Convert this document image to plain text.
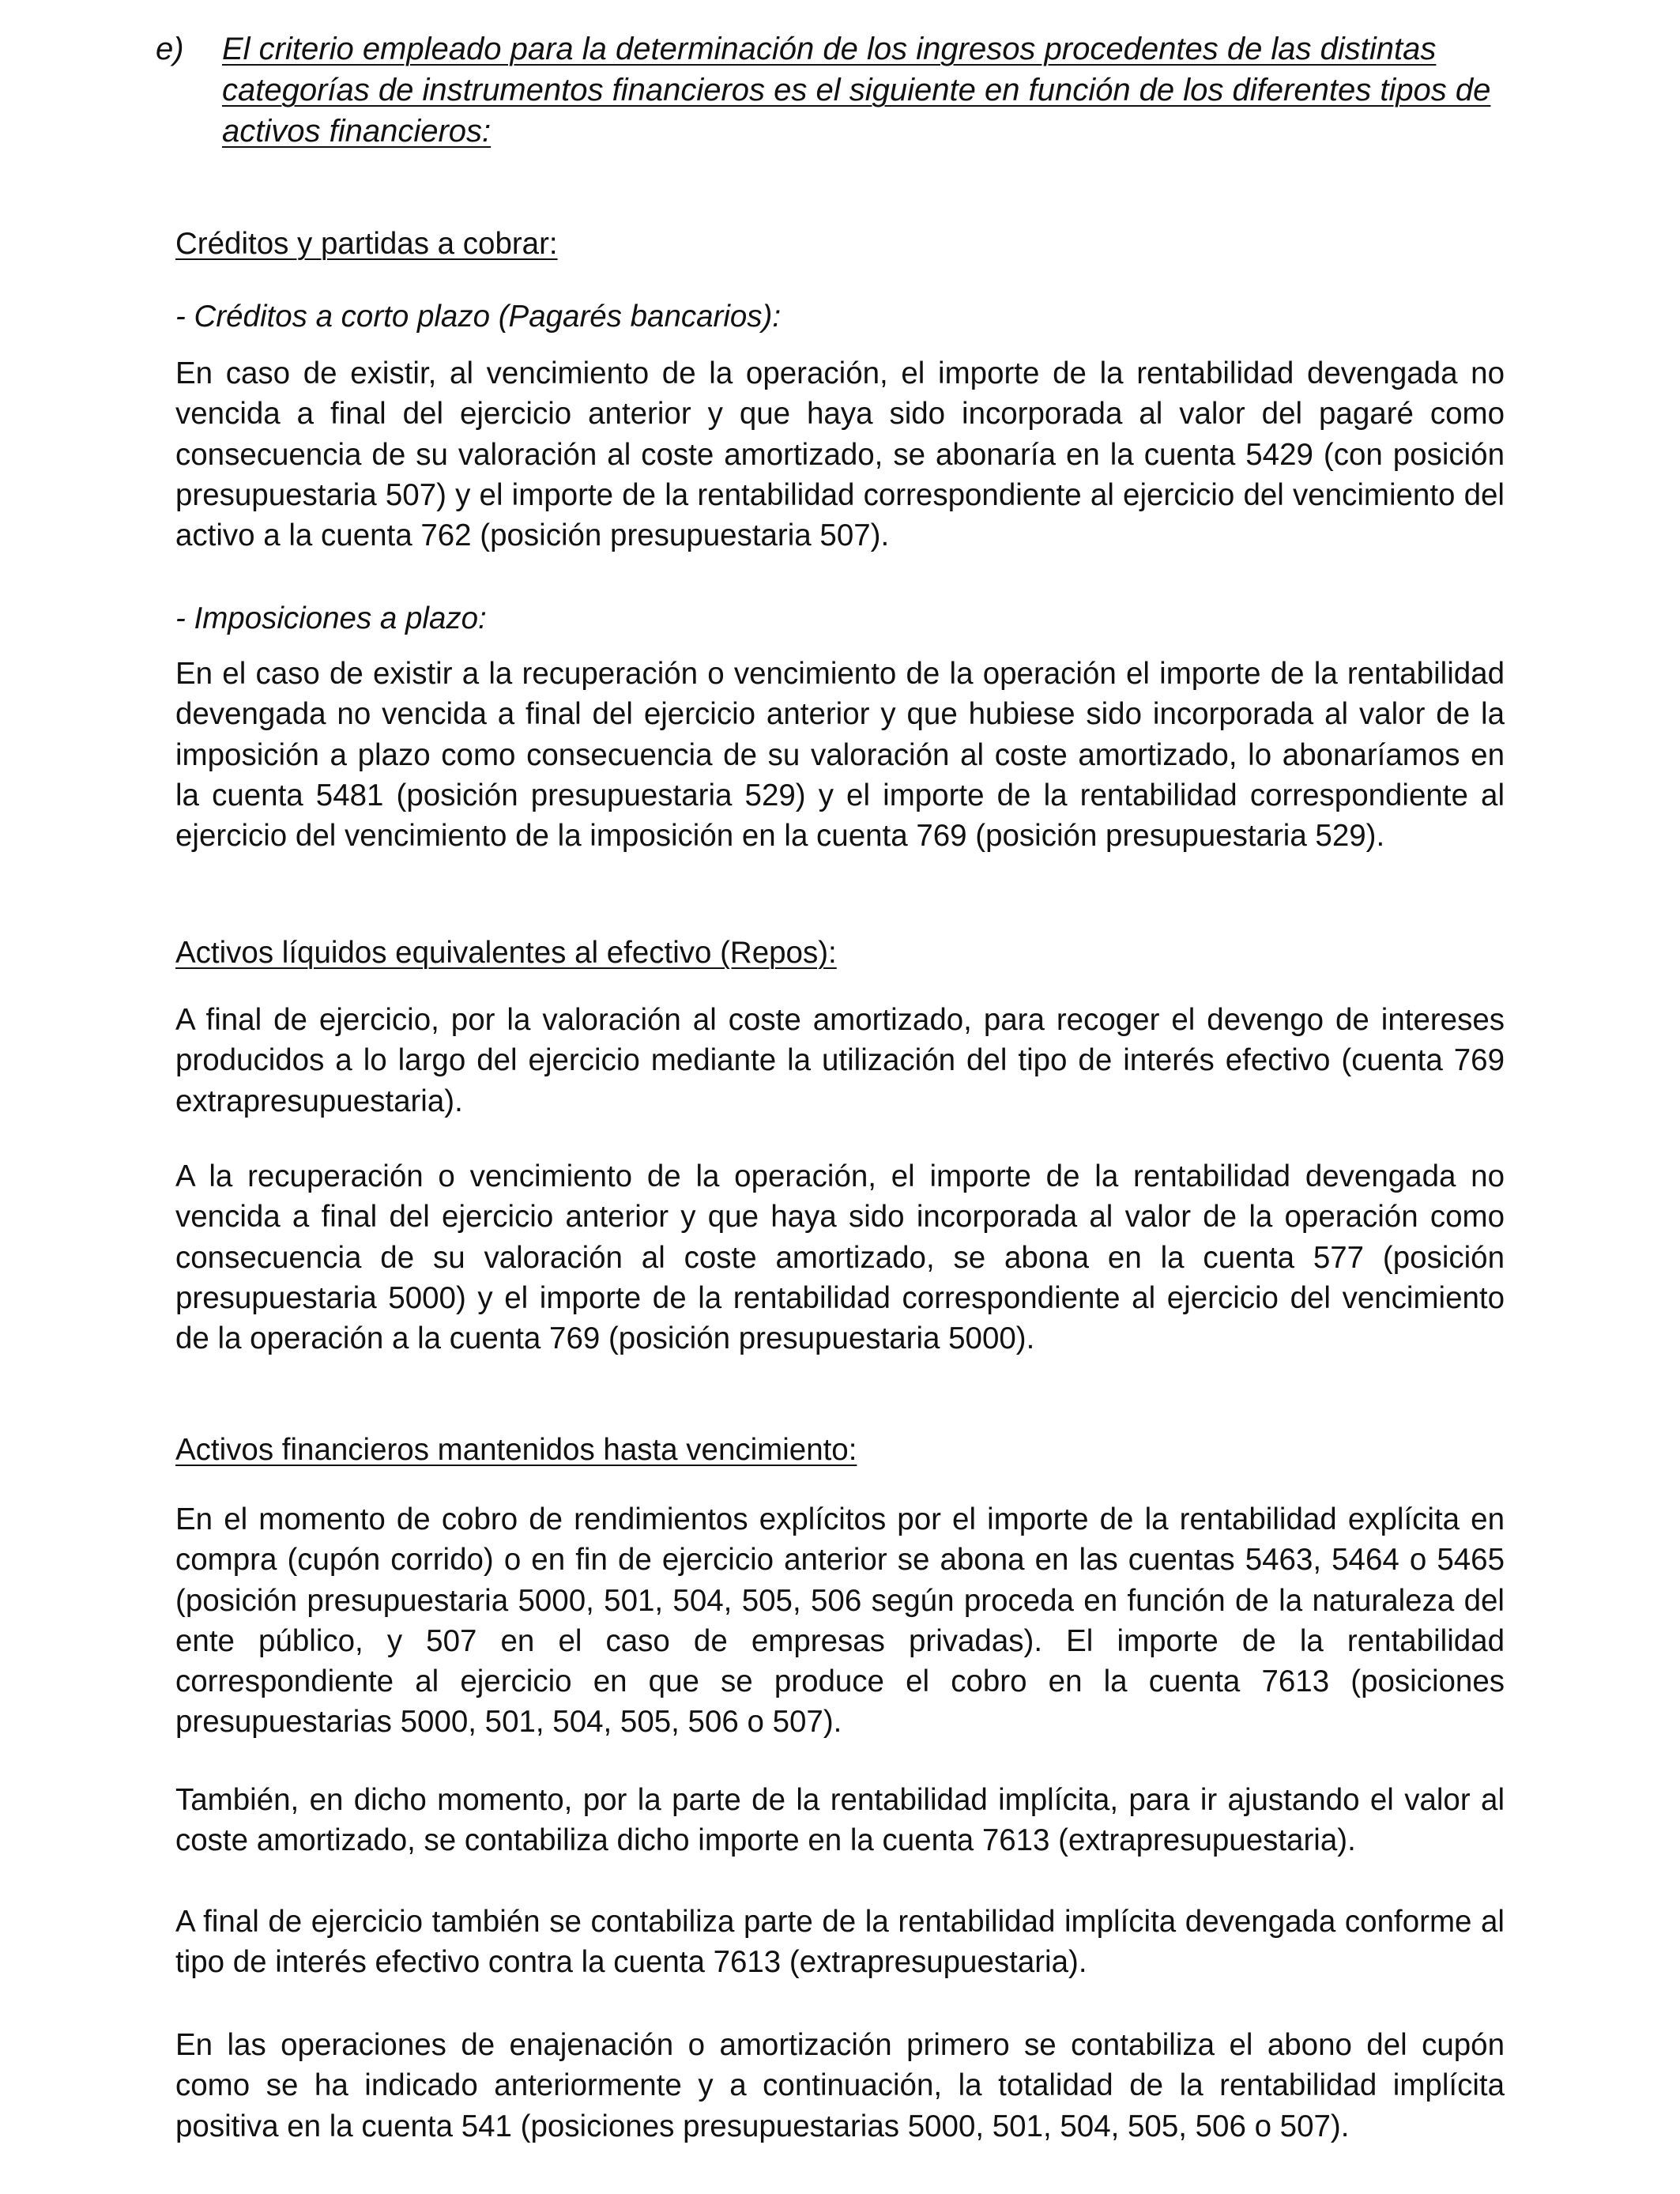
e) El criterio empleado para la determinación de los ingresos procedentes de las distintas categorías de instrumentos financieros es el siguiente en función de los diferentes tipos de activos financieros:
Créditos y partidas a cobrar:
- Créditos a corto plazo (Pagarés bancarios):

En caso de existir, al vencimiento de la operación, el importe de la rentabilidad devengada no vencida a final del ejercicio anterior y que haya sido incorporada al valor del pagaré como consecuencia de su valoración al coste amortizado, se abonaría en la cuenta 5429 (con posición presupuestaria 507) y el importe de la rentabilidad correspondiente al ejercicio del vencimiento del activo a la cuenta 762 (posición presupuestaria 507).

- Imposiciones a plazo:

En el caso de existir a la recuperación o vencimiento de la operación el importe de la rentabilidad devengada no vencida a final del ejercicio anterior y que hubiese sido incorporada al valor de la imposición a plazo como consecuencia de su valoración al coste amortizado, lo abonaríamos en la cuenta 5481 (posición presupuestaria 529) y el importe de la rentabilidad correspondiente al ejercicio del vencimiento de la imposición en la cuenta 769 (posición presupuestaria 529).

Activos líquidos equivalentes al efectivo (Repos):

A final de ejercicio, por la valoración al coste amortizado, para recoger el devengo de intereses producidos a lo largo del ejercicio mediante la utilización del tipo de interés efectivo (cuenta 769 extrapresupuestaria).

A la recuperación o vencimiento de la operación, el importe de la rentabilidad devengada no vencida a final del ejercicio anterior y que haya sido incorporada al valor de la operación como consecuencia de su valoración al coste amortizado, se abona en la cuenta 577 (posición presupuestaria 5000) y el importe de la rentabilidad correspondiente al ejercicio del vencimiento de la operación a la cuenta 769 (posición presupuestaria 5000).

Activos financieros mantenidos hasta vencimiento:

En el momento de cobro de rendimientos explícitos por el importe de la rentabilidad explícita en compra (cupón corrido) o en fin de ejercicio anterior se abona en las cuentas 5463, 5464 o 5465 (posición presupuestaria 5000, 501, 504, 505, 506 según proceda en función de la naturaleza del ente público, y 507 en el caso de empresas privadas). El importe de la rentabilidad correspondiente al ejercicio en que se produce el cobro en la cuenta 7613 (posiciones presupuestarias 5000, 501, 504, 505, 506 o 507).

También, en dicho momento, por la parte de la rentabilidad implícita, para ir ajustando el valor al coste amortizado, se contabiliza dicho importe en la cuenta 7613 (extrapresupuestaria).

A final de ejercicio también se contabiliza parte de la rentabilidad implícita devengada conforme al tipo de interés efectivo contra la cuenta 7613 (extrapresupuestaria).

En las operaciones de enajenación o amortización primero se contabiliza el abono del cupón como se ha indicado anteriormente y a continuación, la totalidad de la rentabilidad implícita positiva en la cuenta 541 (posiciones presupuestarias 5000, 501, 504, 505, 506 o 507).
